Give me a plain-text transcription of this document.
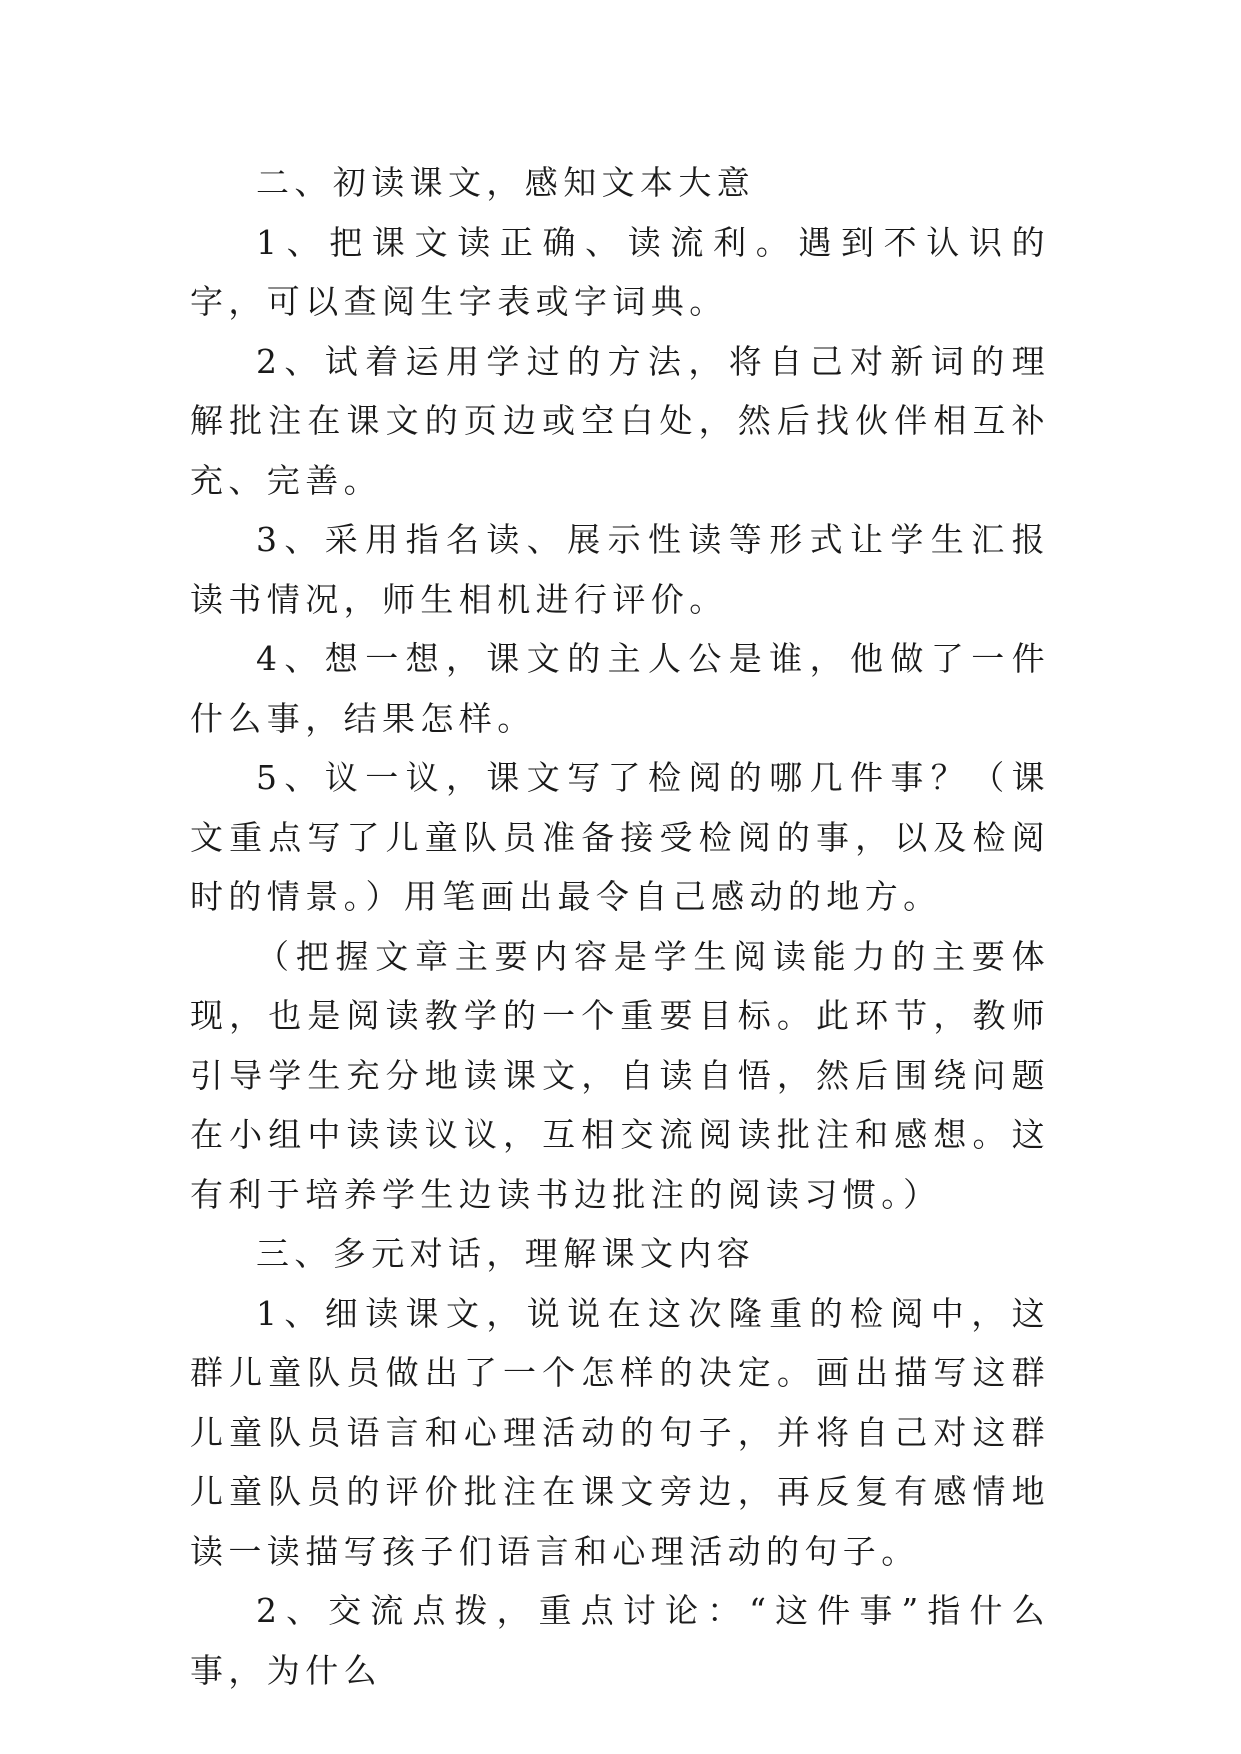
二、初读课文，感知文本大意

1、把课文读正确、读流利。遇到不认识的字，可以查阅生字表或字词典。

2、试着运用学过的方法，将自己对新词的理解批注在课文的页边或空白处，然后找伙伴相互补充、完善。

3、采用指名读、展示性读等形式让学生汇报读书情况，师生相机进行评价。

4、想一想，课文的主人公是谁，他做了一件什么事，结果怎样。

5、议一议，课文写了检阅的哪几件事？（课文重点写了儿童队员准备接受检阅的事，以及检阅时的情景。）用笔画出最令自己感动的地方。

（把握文章主要内容是学生阅读能力的主要体现，也是阅读教学的一个重要目标。此环节，教师引导学生充分地读课文，自读自悟，然后围绕问题在小组中读读议议，互相交流阅读批注和感想。这有利于培养学生边读书边批注的阅读习惯。）

三、多元对话，理解课文内容

1、细读课文，说说在这次隆重的检阅中，这群儿童队员做出了一个怎样的决定。画出描写这群儿童队员语言和心理活动的句子，并将自己对这群儿童队员的评价批注在课文旁边，再反复有感情地读一读描写孩子们语言和心理活动的句子。

2、交流点拨，重点讨论：“这件事”指什么事，为什么
